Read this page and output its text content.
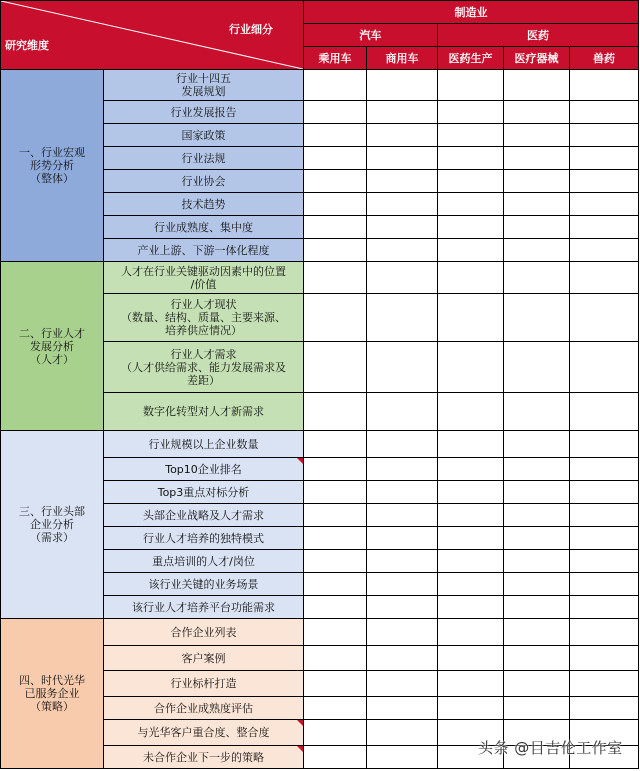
行业细分
研究维度		制造业				
		汽车		医药		
		乘用车	商用车	医药生产	医疗器械	兽药
一、行业宏观
形势分析
（整体）	行业十四五
发展规划					
	行业发展报告					
	国家政策					
	行业法规					
	行业协会					
	技术趋势					
	行业成熟度、集中度					
	产业上游、下游一体化程度					
二、行业人才
发展分析
（人才）	人才在行业关键驱动因素中的位置
/价值					
	行业人才现状
（数量、结构、质量、主要来源、
培养供应情况）					
	行业人才需求
（人才供给需求、能力发展需求及
差距）					
	数字化转型对人才新需求					
三、行业头部
企业分析
（需求）	行业规模以上企业数量					
	Top10企业排名

	Top3重点对标分析					
	头部企业战略及人才需求					
	行业人才培养的独特模式					
	重点培训的人才/岗位					
	该行业关键的业务场景					
	该行业人才培养平台功能需求					
四、时代光华
已服务企业
（策略）	合作企业列表					
	客户案例					
	行业标杆打造					
	合作企业成熟度评估					
	与光华客户重合度、整合度

	未合作企业下一步的策略
						头条 @目吉伦工作室
